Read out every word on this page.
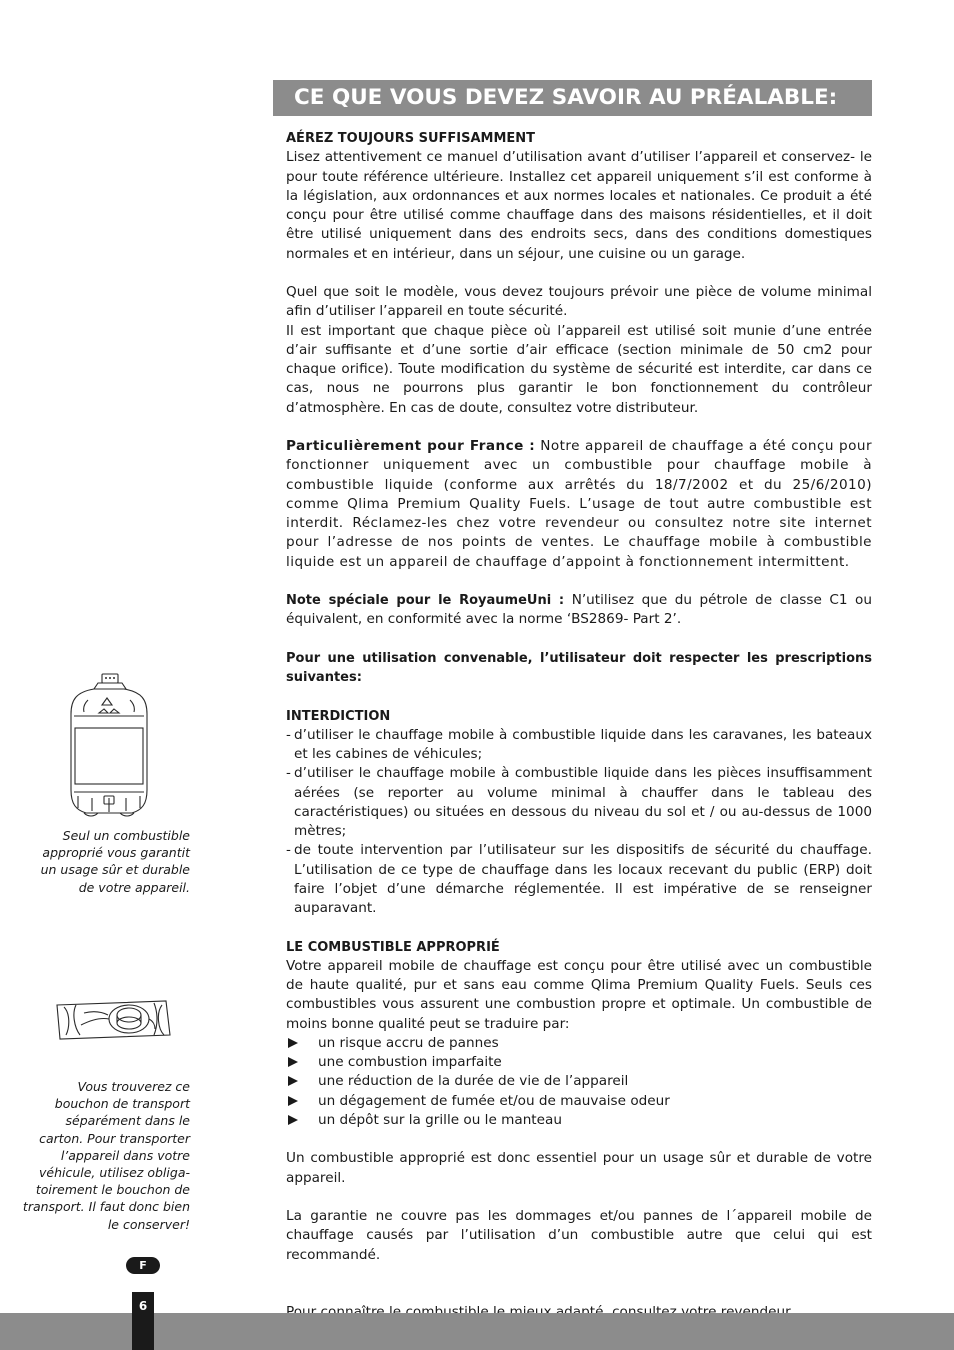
CE QUE VOUS DEVEZ SAVOIR AU PRÉALABLE:

AÉREZ TOUJOURS SUFFISAMMENT

Lisez attentivement ce manuel d’utilisation avant d’utiliser l’appareil et conservez- le pour toute référence ultérieure. Installez cet appareil uniquement s’il est conforme à la législation, aux ordonnances et aux normes locales et nationales. Ce produit a été conçu pour être utilisé comme chauffage dans des maisons résidentielles, et il doit être utilisé uniquement dans des endroits secs, dans des conditions domestiques normales et en intérieur, dans un séjour, une cuisine ou un garage.

Quel que soit le modèle, vous devez toujours prévoir une pièce de volume minimal afin d’utiliser l’appareil en toute sécurité.

Il est important que chaque pièce où l’appareil est utilisé soit munie d’une entrée d’air suffisante et d’une sortie d’air efficace (section minimale de 50 cm2 pour chaque orifice). Toute modification du système de sécurité est interdite, car dans ce cas, nous ne pourrons plus garantir le bon fonctionnement du contrôleur d’atmosphère. En cas de doute, consultez votre distributeur.

Particulièrement pour France : Notre appareil de chauffage a été conçu pour fonctionner uniquement avec un combustible pour chauffage mobile à combustible liquide (conforme aux arrêtés du 18/7/2002 et du 25/6/2010) comme Qlima Premium Quality Fuels. L’usage de tout autre combustible est interdit. Réclamez-les chez votre revendeur ou consultez notre site internet pour l’adresse de nos points de ventes. Le chauffage mobile à combustible liquide est un appareil de chauffage d’appoint à fonctionnement intermittent.

Note spéciale pour le RoyaumeUni : N’utilisez que du pétrole de classe C1 ou équivalent, en conformité avec la norme ‘BS2869- Part 2’.

Pour une utilisation convenable, l’utilisateur doit respecter les prescriptions suivantes:

INTERDICTION

- d’utiliser le chauffage mobile à combustible liquide dans les caravanes, les bateaux et les cabines de véhicules;
- d’utiliser le chauffage mobile à combustible liquide dans les pièces insuffisamment aérées (se reporter au volume minimal à chauffer dans le tableau des caractéristiques) ou situées en dessous du niveau du sol et / ou au-dessus de 1000 mètres;
- de toute intervention par l’utilisateur sur les dispositifs de sécurité du chauffage. L’utilisation de ce type de chauffage dans les locaux recevant du public (ERP) doit faire l’objet d’une démarche réglementée. Il est impérative de se renseigner auparavant.

LE COMBUSTIBLE APPROPRIÉ

Votre appareil mobile de chauffage est conçu pour être utilisé avec un combustible de haute qualité, pur et sans eau comme Qlima Premium Quality Fuels. Seuls ces combustibles vous assurent une combustion propre et optimale. Un combustible de moins bonne qualité peut se traduire par:

un risque accru de pannes
une combustion imparfaite
une réduction de la durée de vie de l’appareil
un dégagement de fumée et/ou de mauvaise odeur
un dépôt sur la grille ou le manteau

Un combustible approprié est donc essentiel pour un usage sûr et durable de votre appareil.

La garantie ne couvre pas les dommages et/ou pannes de l´appareil mobile de chauffage causés par l’utilisation d’un combustible autre que celui qui est recommandé.

Seul un combustible approprié vous garantit un usage sûr et durable de votre appareil.

Vous trouverez ce bouchon de transport séparément dans le carton. Pour transporter l’appareil dans votre véhicule, utilisez obliga-toirement le bouchon de transport. Il faut donc bien le conserver!

F
6
